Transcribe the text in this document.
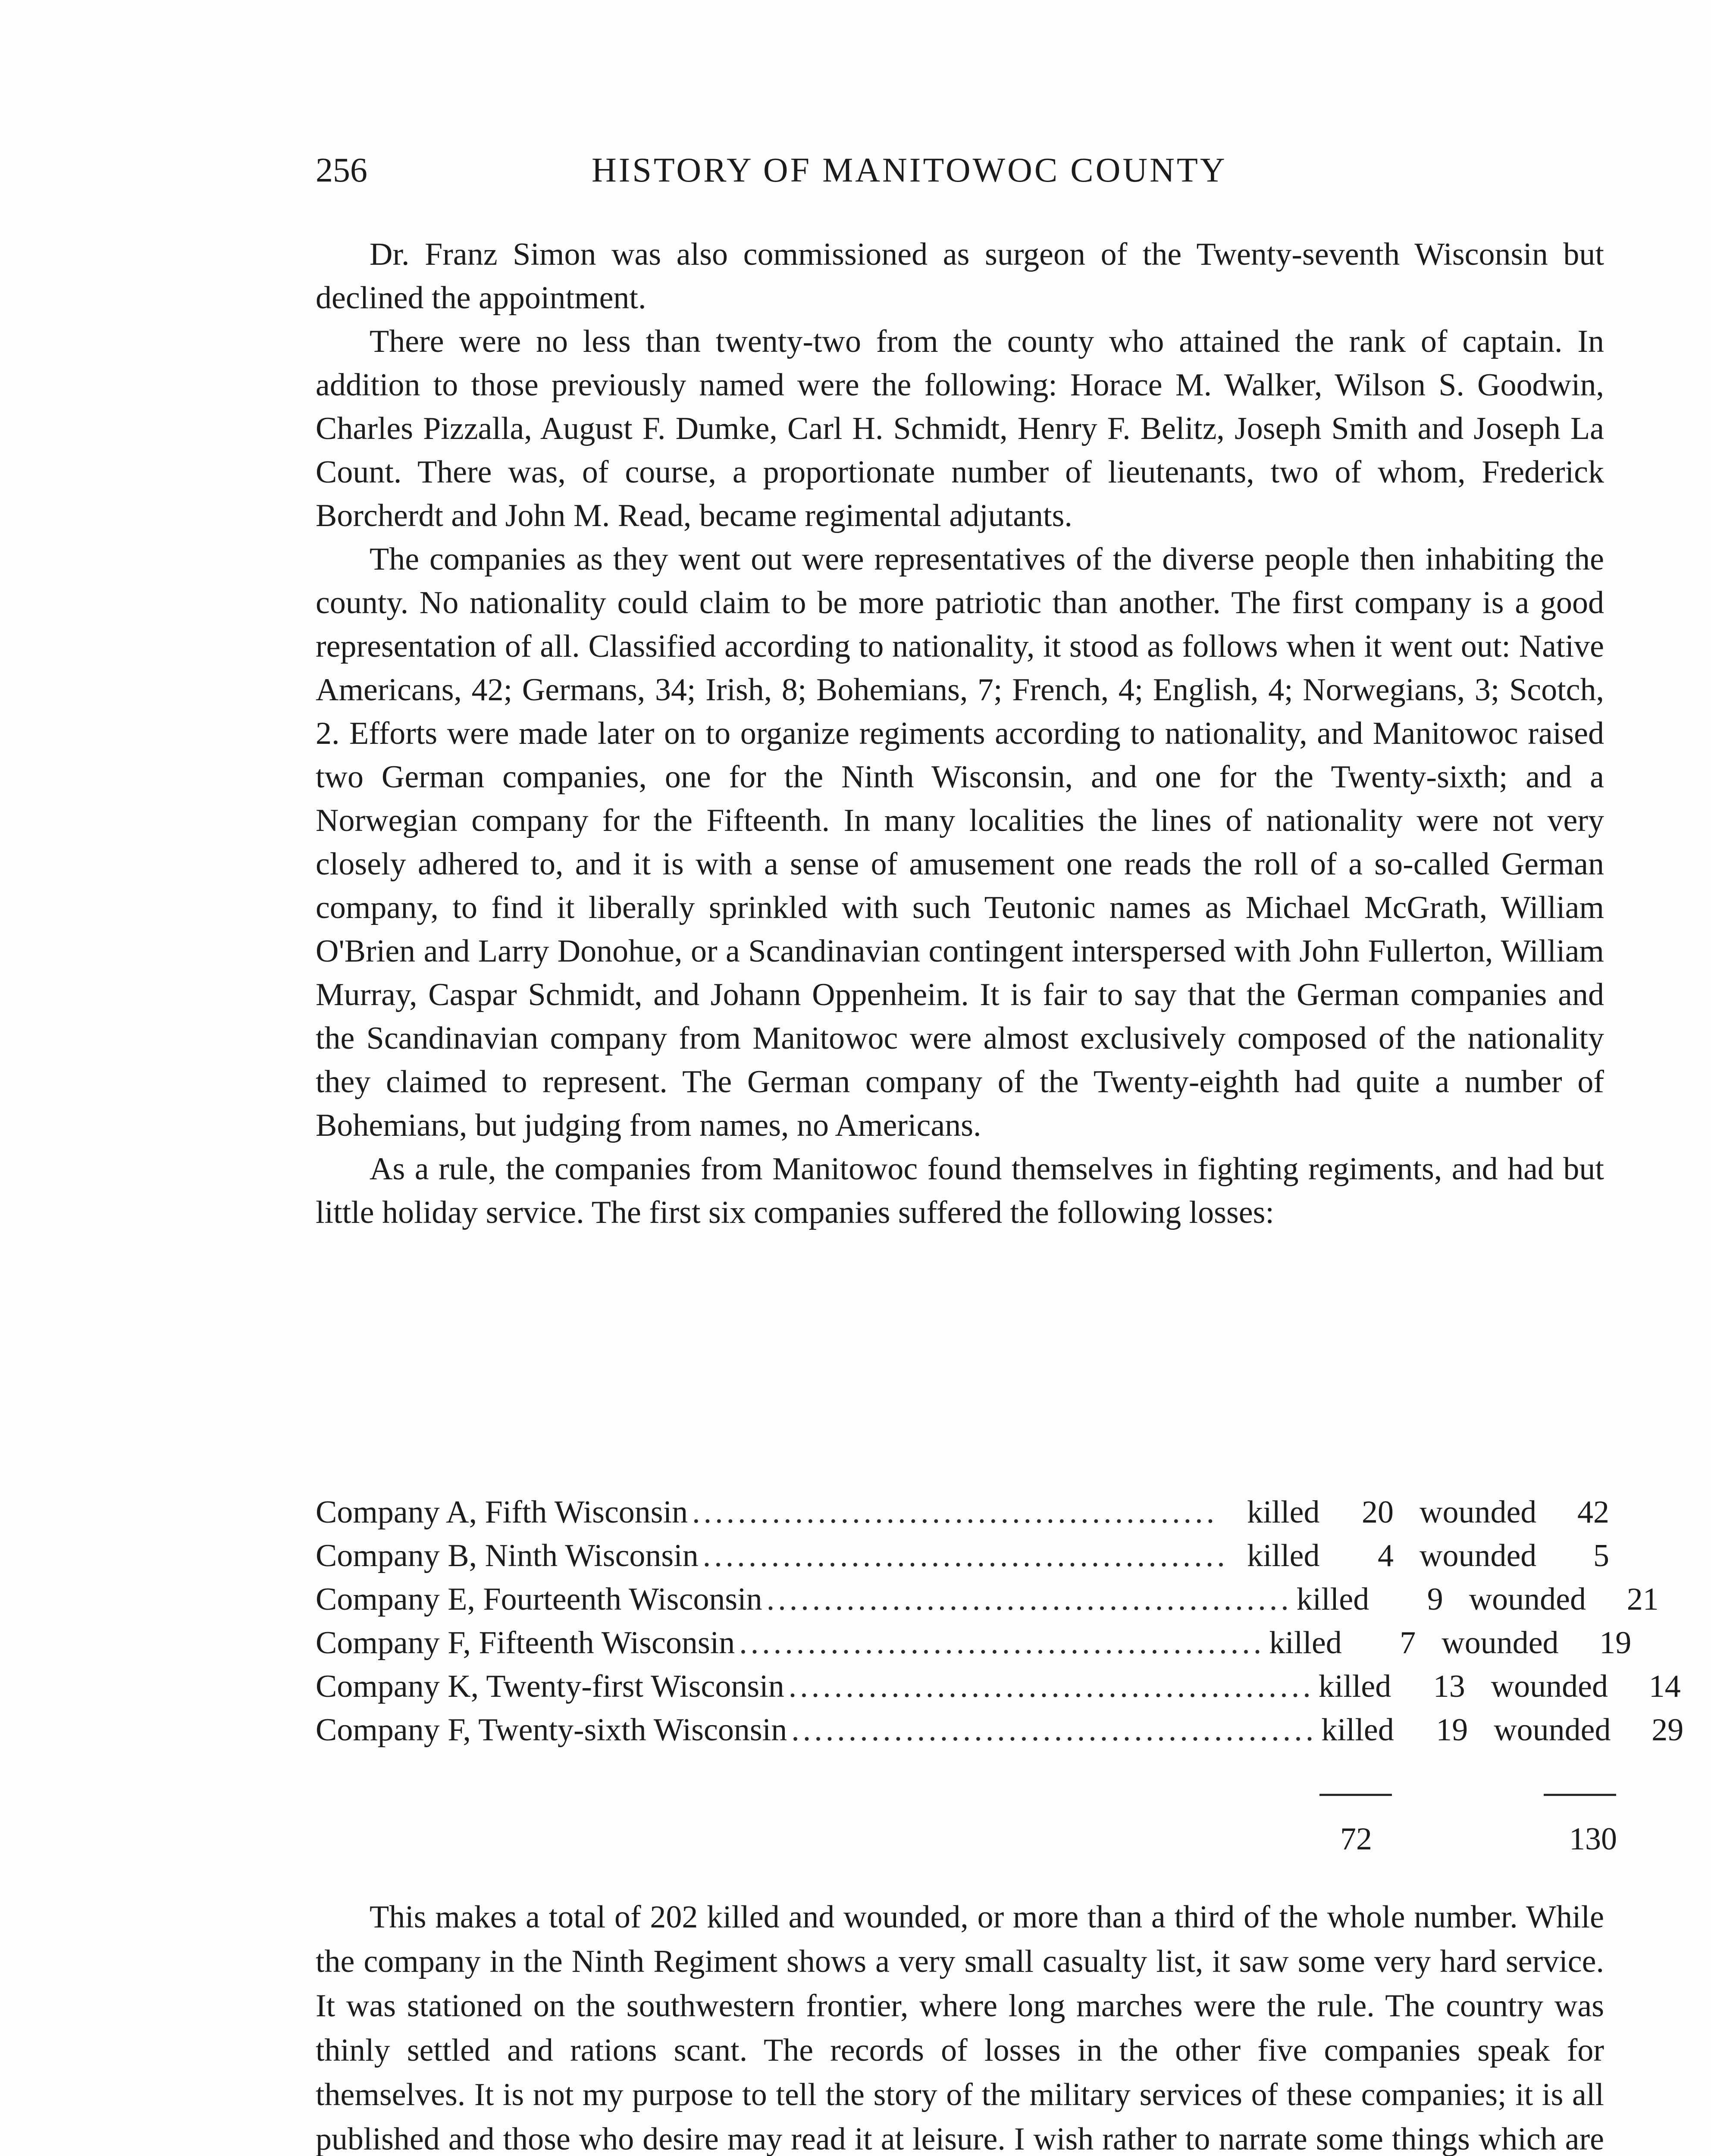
256	HISTORY OF MANITOWOC COUNTY

Dr. Franz Simon was also commissioned as surgeon of the Twenty-seventh Wisconsin but declined the appointment.

There were no less than twenty-two from the county who attained the rank of captain. In addition to those previously named were the following: Horace M. Walker, Wilson S. Goodwin, Charles Pizzalla, August F. Dumke, Carl H. Schmidt, Henry F. Belitz, Joseph Smith and Joseph La Count. There was, of course, a proportionate number of lieutenants, two of whom, Frederick Borcherdt and John M. Read, became regimental adjutants.

The companies as they went out were representatives of the diverse people then inhabiting the county. No nationality could claim to be more patriotic than another. The first company is a good representation of all. Classified according to nationality, it stood as follows when it went out: Native Americans, 42; Germans, 34; Irish, 8; Bohemians, 7; French, 4; English, 4; Norwegians, 3; Scotch, 2. Efforts were made later on to organize regiments according to nationality, and Manitowoc raised two German companies, one for the Ninth Wisconsin, and one for the Twenty-sixth; and a Norwegian company for the Fifteenth. In many localities the lines of nationality were not very closely adhered to, and it is with a sense of amusement one reads the roll of a so-called German company, to find it liberally sprinkled with such Teutonic names as Michael McGrath, William O'Brien and Larry Donohue, or a Scandinavian contingent interspersed with John Fullerton, William Murray, Caspar Schmidt, and Johann Oppenheim. It is fair to say that the German companies and the Scandinavian company from Manitowoc were almost exclusively composed of the nationality they claimed to represent. The German company of the Twenty-eighth had quite a number of Bohemians, but judging from names, no Americans.

As a rule, the companies from Manitowoc found themselves in fighting regiments, and had but little holiday service. The first six companies suffered the following losses:

Company A, Fifth Wisconsin .............................................. killed	20 wounded	42
Company B, Ninth Wisconsin .............................................. killed	4 wounded	5
Company E, Fourteenth Wisconsin .............................................. killed	9 wounded	21
Company F, Fifteenth Wisconsin .............................................. killed	7 wounded	19
Company K, Twenty-first Wisconsin .............................................. killed	13 wounded	14
Company F, Twenty-sixth Wisconsin .............................................. killed	19 wounded	29
72	130

This makes a total of 202 killed and wounded, or more than a third of the whole number. While the company in the Ninth Regiment shows a very small casualty list, it saw some very hard service. It was stationed on the southwestern frontier, where long marches were the rule. The country was thinly settled and rations scant. The records of losses in the other five companies speak for themselves. It is not my purpose to tell the story of the military services of these companies; it is all published and those who desire may read it at leisure. I wish rather to narrate some things which are
